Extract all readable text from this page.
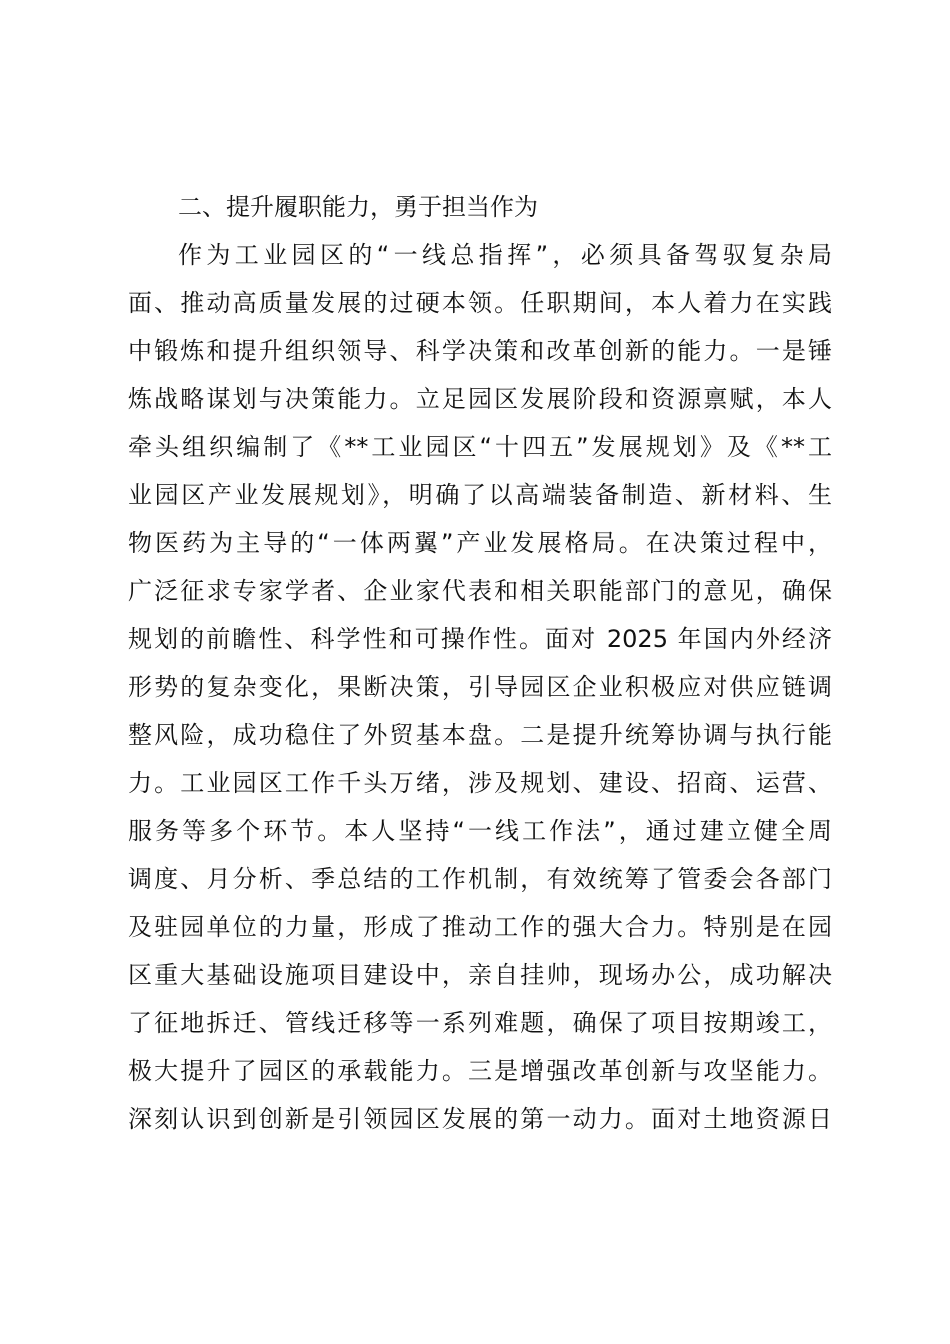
二、提升履职能力，勇于担当作为
作为工业园区的“一线总指挥”，必须具备驾驭复杂局
面、推动高质量发展的过硬本领。任职期间，本人着力在实践
中锻炼和提升组织领导、科学决策和改革创新的能力。一是锤
炼战略谋划与决策能力。立足园区发展阶段和资源禀赋，本人
牵头组织编制了《**工业园区“十四五”发展规划》及《**工
业园区产业发展规划》，明确了以高端装备制造、新材料、生
物医药为主导的“一体两翼”产业发展格局。在决策过程中，
广泛征求专家学者、企业家代表和相关职能部门的意见，确保
规划的前瞻性、科学性和可操作性。面对 2025 年国内外经济
形势的复杂变化，果断决策，引导园区企业积极应对供应链调
整风险，成功稳住了外贸基本盘。二是提升统筹协调与执行能
力。工业园区工作千头万绪，涉及规划、建设、招商、运营、
服务等多个环节。本人坚持“一线工作法”，通过建立健全周
调度、月分析、季总结的工作机制，有效统筹了管委会各部门
及驻园单位的力量，形成了推动工作的强大合力。特别是在园
区重大基础设施项目建设中，亲自挂帅，现场办公，成功解决
了征地拆迁、管线迁移等一系列难题，确保了项目按期竣工，
极大提升了园区的承载能力。三是增强改革创新与攻坚能力。
深刻认识到创新是引领园区发展的第一动力。面对土地资源日
